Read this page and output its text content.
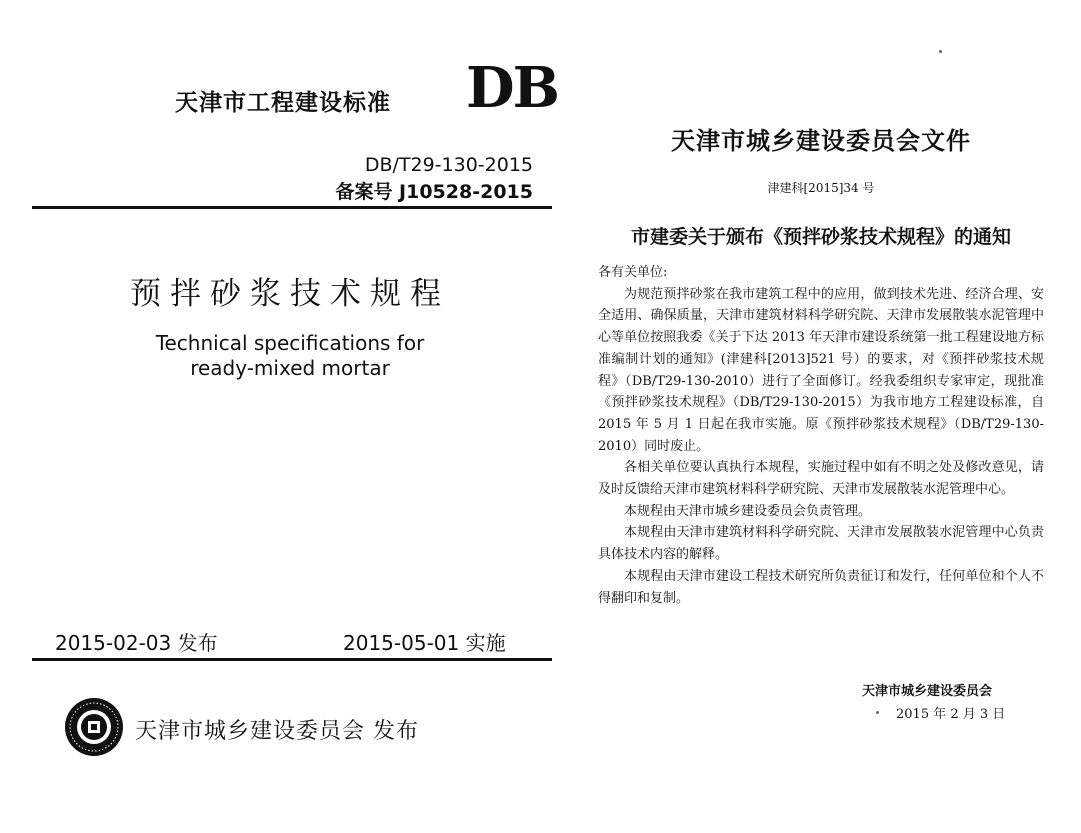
天津市工程建设标准 DB
DB/T29-130-2015
备案号 J10528-2015
预拌砂浆技术规程
Technical specifications for
ready-mixed mortar
2015-02-03 发布	2015-05-01 实施
天津市城乡建设委员会 发布
天津市城乡建设委员会文件
津建科[2015]34 号
市建委关于颁布《预拌砂浆技术规程》的通知

各有关单位:

为规范预拌砂浆在我市建筑工程中的应用，做到技术先进、经济合理、安全适用、确保质量，天津市建筑材料科学研究院、天津市发展散装水泥管理中心等单位按照我委《关于下达 2013 年天津市建设系统第一批工程建设地方标准编制计划的通知》(津建科[2013]521 号）的要求，对《预拌砂浆技术规程》（DB/T29-130-2010）进行了全面修订。经我委组织专家审定，现批准《预拌砂浆技术规程》（DB/T29-130-2015）为我市地方工程建设标准，自 2015 年 5 月 1 日起在我市实施。原《预拌砂浆技术规程》（DB/T29-130-2010）同时废止。

各相关单位要认真执行本规程，实施过程中如有不明之处及修改意见，请及时反馈给天津市建筑材料科学研究院、天津市发展散装水泥管理中心。

本规程由天津市城乡建设委员会负责管理。

本规程由天津市建筑材料科学研究院、天津市发展散装水泥管理中心负责具体技术内容的解释。

本规程由天津市建设工程技术研究所负责征订和发行，任何单位和个人不得翻印和复制。

天津市城乡建设委员会
2015 年 2 月 3 日
